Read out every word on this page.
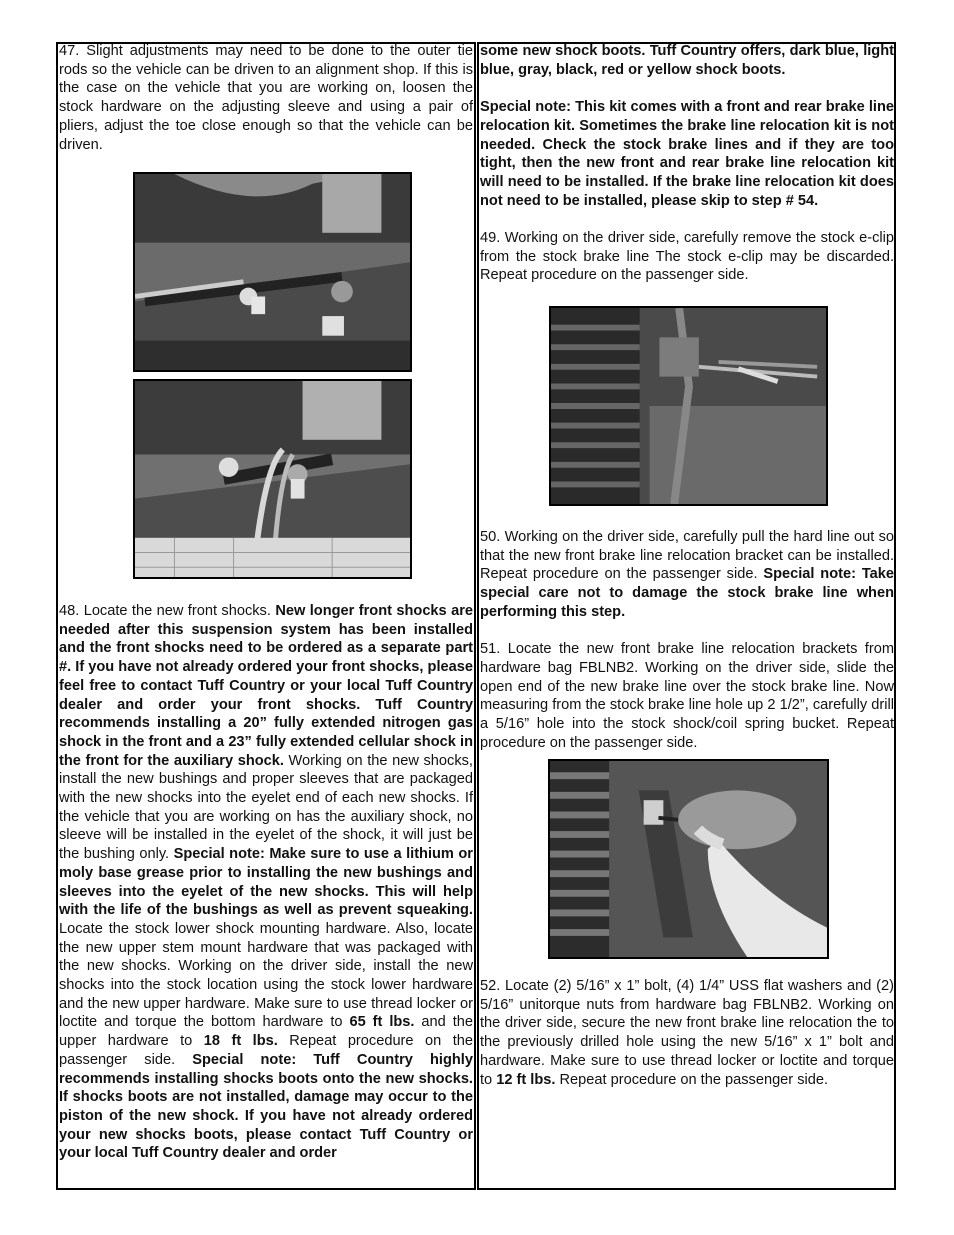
47. Slight adjustments may need to be done to the outer tie rods so the vehicle can be driven to an alignment shop. If this is the case on the vehicle that you are working on, loosen the stock hardware on the adjusting sleeve and using a pair of pliers, adjust the toe close enough so that the vehicle can be driven.

48. Locate the new front shocks. New longer front shocks are needed after this suspension system has been installed and the front shocks need to be ordered as a separate part #. If you have not already ordered your front shocks, please feel free to contact Tuff Country or your local Tuff Country dealer and order your front shocks. Tuff Country recommends installing a 20” fully extended nitrogen gas shock in the front and a 23” fully extended cellular shock in the front for the auxiliary shock. Working on the new shocks, install the new bushings and proper sleeves that are packaged with the new shocks into the eyelet end of each new shocks. If the vehicle that you are working on has the auxiliary shock, no sleeve will be installed in the eyelet of the shock, it will just be the bushing only. Special note: Make sure to use a lithium or moly base grease prior to installing the new bushings and sleeves into the eyelet of the new shocks. This will help with the life of the bushings as well as prevent squeaking. Locate the stock lower shock mounting hardware. Also, locate the new upper stem mount hardware that was packaged with the new shocks. Working on the driver side, install the new shocks into the stock location using the stock lower hardware and the new upper hardware. Make sure to use thread locker or loctite and torque the bottom hardware to 65 ft lbs. and the upper hardware to 18 ft lbs. Repeat procedure on the passenger side. Special note: Tuff Country highly recommends installing shocks boots onto the new shocks. If shocks boots are not installed, damage may occur to the piston of the new shock. If you have not already ordered your new shocks boots, please contact Tuff Country or your local Tuff Country dealer and order

some new shock boots. Tuff Country offers, dark blue, light blue, gray, black, red or yellow shock boots.

Special note: This kit comes with a front and rear brake line relocation kit. Sometimes the brake line relocation kit is not needed. Check the stock brake lines and if they are too tight, then the new front and rear brake line relocation kit will need to be installed. If the brake line relocation kit does not need to be installed, please skip to step # 54.

49. Working on the driver side, carefully remove the stock e-clip from the stock brake line The stock e-clip may be discarded. Repeat procedure on the passenger side.

50. Working on the driver side, carefully pull the hard line out so that the new front brake line relocation bracket can be installed. Repeat procedure on the passenger side. Special note: Take special care not to damage the stock brake line when performing this step.

51. Locate the new front brake line relocation brackets from hardware bag FBLNB2. Working on the driver side, slide the open end of the new brake line over the stock brake line. Now measuring from the stock brake line hole up 2 1/2”, carefully drill a 5/16” hole into the stock shock/coil spring bucket. Repeat procedure on the passenger side.

52. Locate (2) 5/16” x 1” bolt, (4) 1/4” USS flat washers and (2) 5/16” unitorque nuts from hardware bag FBLNB2. Working on the driver side, secure the new front brake line relocation the to the previously drilled hole using the new 5/16” x 1” bolt and hardware. Make sure to use thread locker or loctite and torque to 12 ft lbs. Repeat procedure on the passenger side.
